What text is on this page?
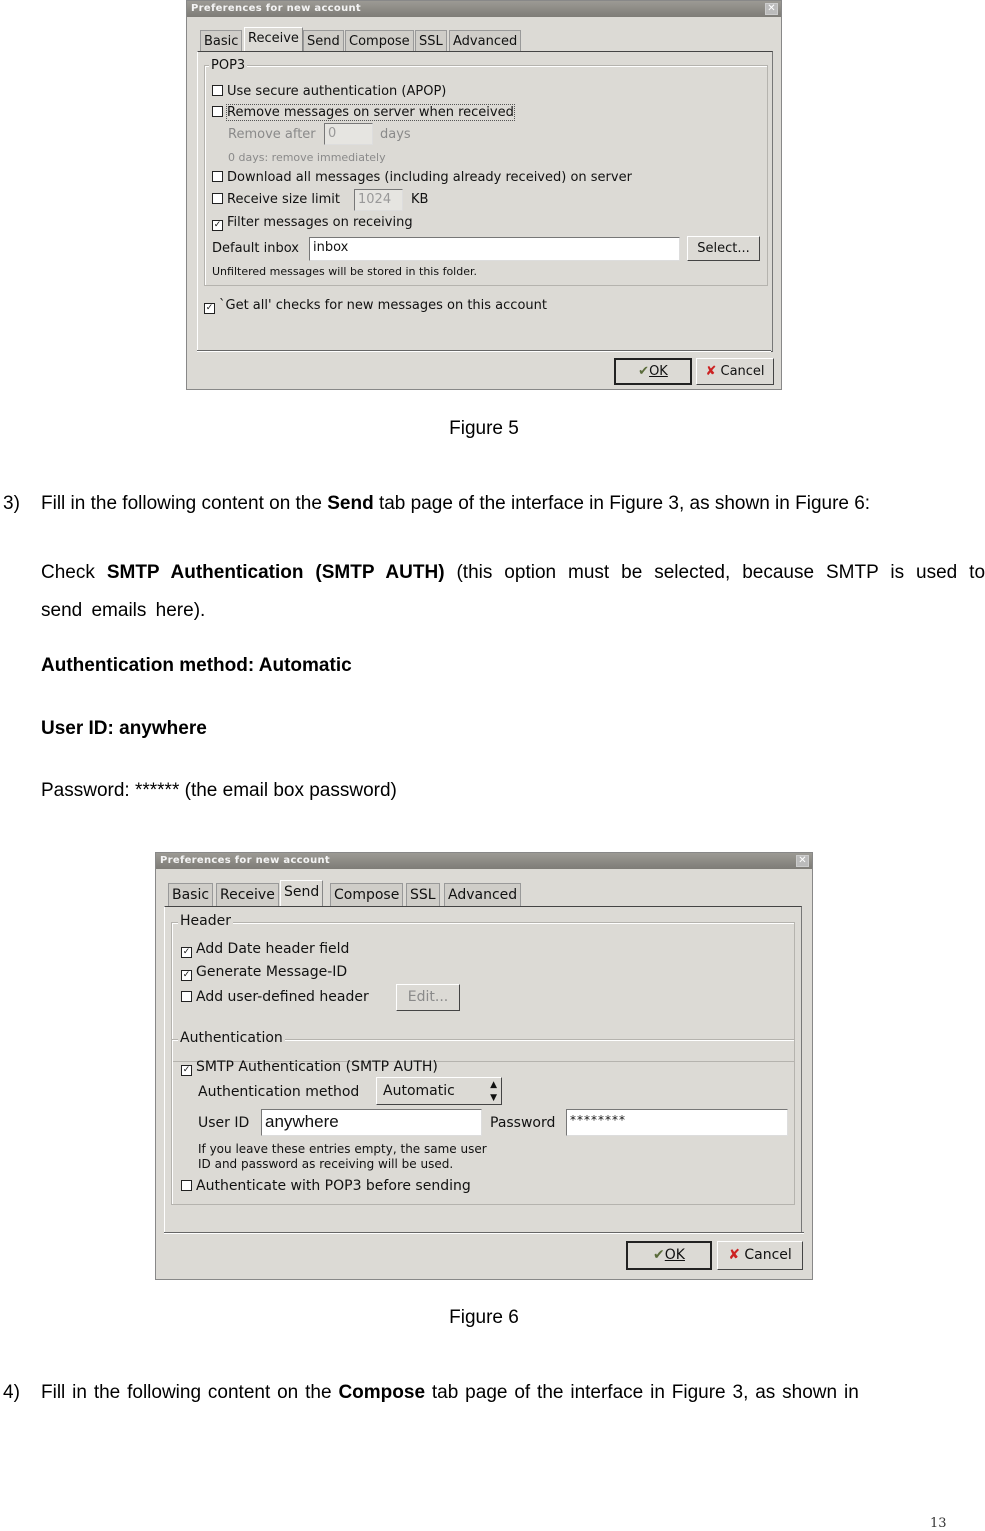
Preferences for new account	✕
Basic Receive Send Compose SSL Advanced
POP3
Use secure authentication (APOP)
Remove messages on server when received
Remove after 0	days
0 days: remove immediately
Download all messages (including already received) on server
Receive size limit	1024	KB
✓ Filter messages on receiving
Default inbox	inbox	Select...
Unfiltered messages will be stored in this folder.
✓ `Get all' checks for new messages on this account
✔OK	✘ Cancel
Figure 5
3) Fill in the following content on the Send tab page of the interface in Figure 3, as shown in Figure 6:
Check SMTP Authentication (SMTP AUTH) (this option must be selected, because SMTP is used to send emails here).
Authentication method: Automatic
User ID: anywhere
Password: ****** (the email box password)
Preferences for new account	✕
Basic Receive Send Compose SSL Advanced
Header
✓ Add Date header field
✓ Generate Message-ID
Add user-defined header	Edit...
Authentication
✓ SMTP Authentication (SMTP AUTH)
Authentication method	Automatic	▲
▼
User ID anywhere	Password	********
If you leave these entries empty, the same user
ID and password as receiving will be used.
Authenticate with POP3 before sending
✔OK	✘ Cancel
Figure 6
4) Fill in the following content on the Compose tab page of the interface in Figure 3, as shown in
13
